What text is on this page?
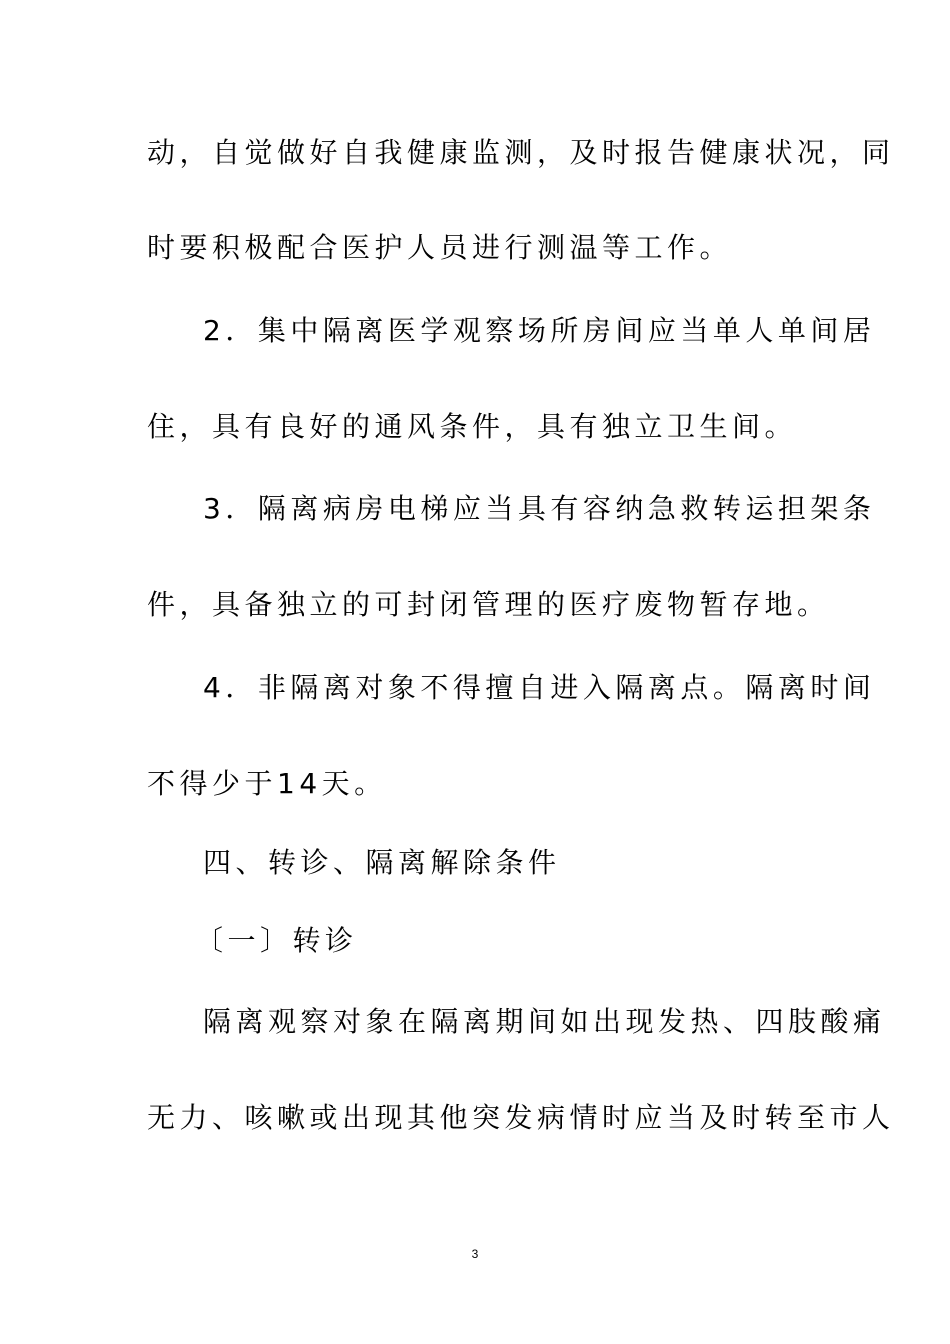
动，自觉做好自我健康监测，及时报告健康状况，同
时要积极配合医护人员进行测温等工作。
2．集中隔离医学观察场所房间应当单人单间居
住，具有良好的通风条件，具有独立卫生间。
3．隔离病房电梯应当具有容纳急救转运担架条
件，具备独立的可封闭管理的医疗废物暂存地。
4．非隔离对象不得擅自进入隔离点。隔离时间
不得少于14天。
四、转诊、隔离解除条件
〔一〕转诊
隔离观察对象在隔离期间如出现发热、四肢酸痛
无力、咳嗽或出现其他突发病情时应当及时转至市人
3
